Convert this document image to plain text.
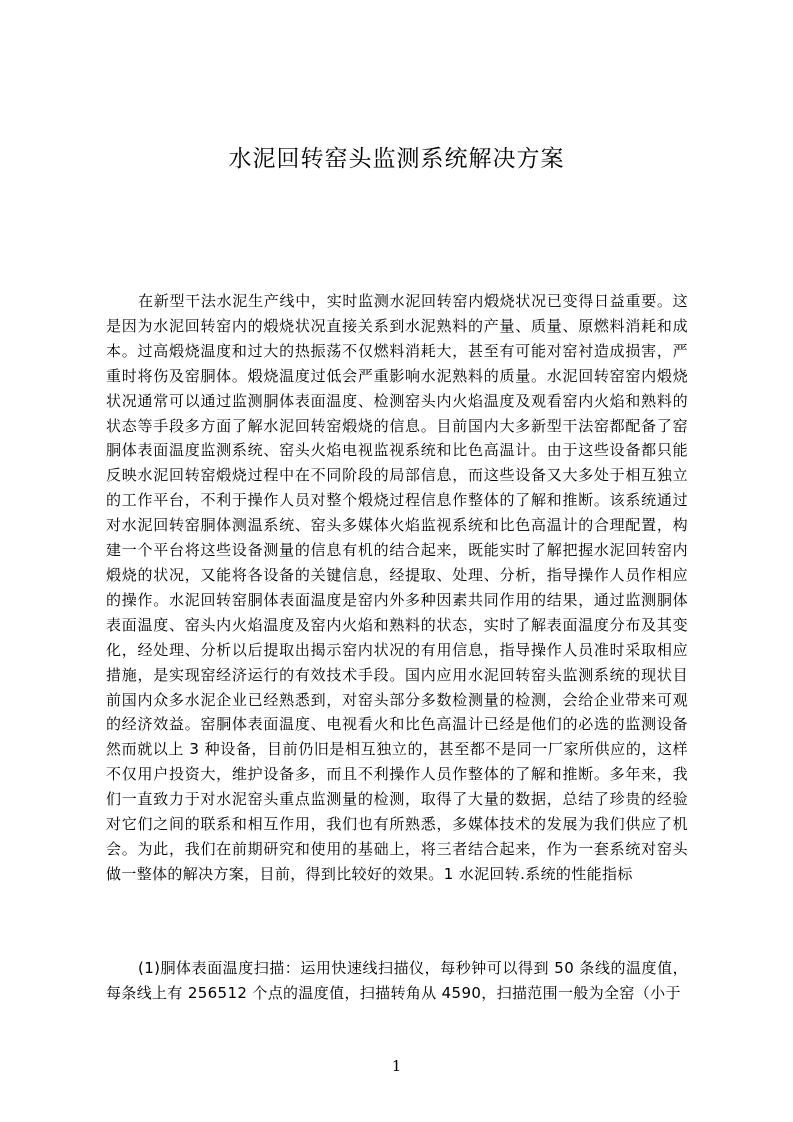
水泥回转窑头监测系统解决方案

在新型干法水泥生产线中，实时监测水泥回转窑内煅烧状况已变得日益重要。这是因为水泥回转窑内的煅烧状况直接关系到水泥熟料的产量、质量、原燃料消耗和成本。过高煅烧温度和过大的热振荡不仅燃料消耗大，甚至有可能对窑衬造成损害，严重时将伤及窑胴体。煅烧温度过低会严重影响水泥熟料的质量。水泥回转窑窑内煅烧状况通常可以通过监测胴体表面温度、检测窑头内火焰温度及观看窑内火焰和熟料的状态等手段多方面了解水泥回转窑煅烧的信息。目前国内大多新型干法窑都配备了窑胴体表面温度监测系统、窑头火焰电视监视系统和比色高温计。由于这些设备都只能反映水泥回转窑煅烧过程中在不同阶段的局部信息，而这些设备又大多处于相互独立的工作平台，不利于操作人员对整个煅烧过程信息作整体的了解和推断。该系统通过对水泥回转窑胴体测温系统、窑头多媒体火焰监视系统和比色高温计的合理配置，构建一个平台将这些设备测量的信息有机的结合起来，既能实时了解把握水泥回转窑内煅烧的状况，又能将各设备的关键信息，经提取、处理、分析，指导操作人员作相应的操作。水泥回转窑胴体表面温度是窑内外多种因素共同作用的结果，通过监测胴体表面温度、窑头内火焰温度及窑内火焰和熟料的状态，实时了解表面温度分布及其变化，经处理、分析以后提取出揭示窑内状况的有用信息，指导操作人员准时采取相应措施，是实现窑经济运行的有效技术手段。国内应用水泥回转窑头监测系统的现状目前国内众多水泥企业已经熟悉到，对窑头部分多数检测量的检测，会给企业带来可观的经济效益。窑胴体表面温度、电视看火和比色高温计已经是他们的必选的监测设备然而就以上 3 种设备，目前仍旧是相互独立的，甚至都不是同一厂家所供应的，这样不仅用户投资大，维护设备多，而且不利操作人员作整体的了解和推断。多年来，我们一直致力于对水泥窑头重点监测量的检测，取得了大量的数据，总结了珍贵的经验对它们之间的联系和相互作用，我们也有所熟悉，多媒体技术的发展为我们供应了机会。为此，我们在前期研究和使用的基础上，将三者结合起来，作为一套系统对窑头做一整体的解决方案，目前，得到比较好的效果。1 水泥回转.系统的性能指标

(1)胴体表面温度扫描：运用快速线扫描仪，每秒钟可以得到 50 条线的温度值，每条线上有 256512 个点的温度值，扫描转角从 4590，扫描范围一般为全窑（小于

1
